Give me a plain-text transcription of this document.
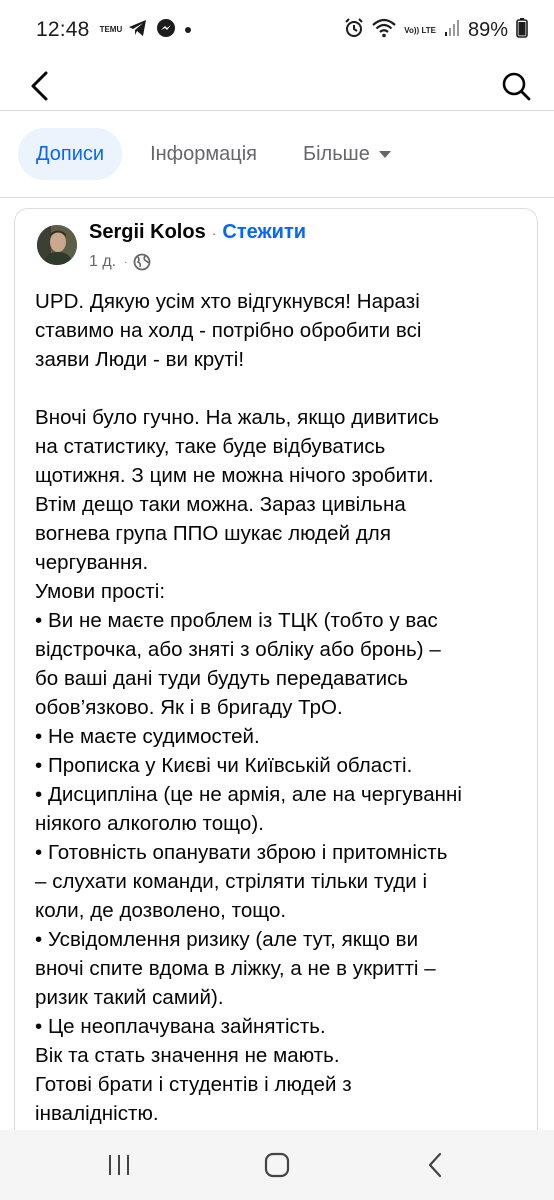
12:48 TEMU	Vo)) LTE 89%
Дописи Інформація Більше
Sergii Kolos · Стежити
1 д. ·

UPD. Дякую усім хто відгукнувся! Наразі

ставимо на холд - потрібно обробити всі

заяви Люди - ви круті!

Вночі було гучно. На жаль, якщо дивитись

на статистику, таке буде відбуватись

щотижня. З цим не можна нічого зробити.

Втім дещо таки можна. Зараз цивільна

вогнева група ППО шукає людей для

чергування.

Умови прості:

• Ви не маєте проблем із ТЦК (тобто у вас

відстрочка, або зняті з обліку або бронь) –

бо ваші дані туди будуть передаватись

обов’язково. Як і в бригаду ТрО.

• Не маєте судимостей.

• Прописка у Києві чи Київській області.

• Дисципліна (це не армія, але на чергуванні

ніякого алкоголю тощо).

• Готовність опанувати зброю і притомність

– слухати команди, стріляти тільки туди і

коли, де дозволено, тощо.

• Усвідомлення ризику (але тут, якщо ви

вночі спите вдома в ліжку, а не в укритті –

ризик такий самий).

• Це неоплачувана зайнятість.

Вік та стать значення не мають.

Готові брати і студентів і людей з

інвалідністю.
